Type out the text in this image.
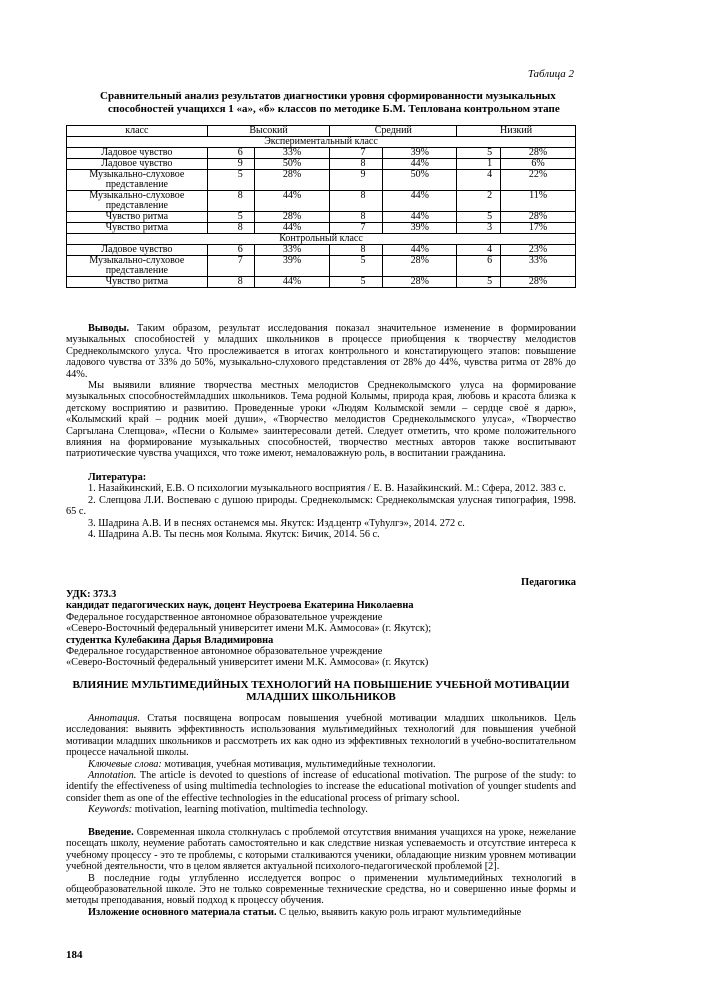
Таблица 2
Сравнительный анализ результатов диагностики уровня сформированности музыкальных способностей учащихся 1 «а», «б» классов по методике Б.М. Теплована контрольном этапе
класс	Высокий		Средний		Низкий	
Экспериментальный класс						
Ладовое чувство	6	33%	7	39%	5	28%
Ладовое чувство	9	50%	8	44%	1	6%
Музыкально-слуховое представление	5	28%	9	50%	4	22%
Музыкально-слуховое представление	8	44%	8	44%	2	11%
Чувство ритма	5	28%	8	44%	5	28%
Чувство ритма	8	44%	7	39%	3	17%
Контрольный класс						
Ладовое чувство	6	33%	8	44%	4	23%
Музыкально-слуховое представление	7	39%	5	28%	6	33%
Чувство ритма	8	44%	5	28%	5	28%

Выводы. Таким образом, результат исследования показал значительное изменение в формировании музыкальных способностей у младших школьников в процессе приобщения к творчеству мелодистов Среднеколымского улуса. Что прослеживается в итогах контрольного и констатирующего этапов: повышение ладового чувства от 33% до 50%, музыкально-слухового представления от 28% до 44%, чувства ритма от 28% до 44%.

Мы выявили влияние творчества местных мелодистов Среднеколымского улуса на формирование музыкальных способностеймладших школьников. Тема родной Колымы, природа края, любовь и красота близка к детскому восприятию и развитию. Проведенные уроки «Людям Колымской земли – сердце своё я дарю», «Колымский край – родник моей души», «Творчество мелодистов Среднеколымского улуса», «Творчество Саргылана Слепцова», «Песни о Колыме» заинтересовали детей. Следует отметить, что кроме положительного влияния на формирование музыкальных способностей, творчество местных авторов также воспитывают патриотические чувства учащихся, что тоже имеют, немаловажную роль, в воспитании гражданина.

Литература:
1. Назайкинский, Е.В. О психологии музыкального восприятия / Е. В. Назайкинский. М.: Сфера, 2012. 383 с.
2. Слепцова Л.И. Воспеваю с душою природы. Среднеколымск: Среднеколымская улусная типография, 1998. 65 с.
3. Шадрина А.В. И в песнях останемся мы. Якутск: Изд.центр «Туhулгэ», 2014. 272 с.
4. Шадрина А.В. Ты песнь моя Колыма. Якутск: Бичик, 2014. 56 с.
Педагогика
УДК: 373.3
кандидат педагогических наук, доцент Неустроева Екатерина Николаевна
Федеральное государственное автономное образовательное учреждение
«Северо-Восточный федеральный университет имени М.К. Аммосова» (г. Якутск);
студентка Кулебакина Дарья Владимировна
Федеральное государственное автономное образовательное учреждение
«Северо-Восточный федеральный университет имени М.К. Аммосова» (г. Якутск)
ВЛИЯНИЕ МУЛЬТИМЕДИЙНЫХ ТЕХНОЛОГИЙ НА ПОВЫШЕНИЕ УЧЕБНОЙ МОТИВАЦИИ МЛАДШИХ ШКОЛЬНИКОВ

Аннотация. Статья посвящена вопросам повышения учебной мотивации младших школьников. Цель исследования: выявить эффективность использования мультимедийных технологий для повышения учебной мотивации младших школьников и рассмотреть их как одно из эффективных технологий в учебно-воспитательном процессе начальной школы.

Ключевые слова: мотивация, учебная мотивация, мультимедийные технологии.

Annotation. The article is devoted to questions of increase of educational motivation. The purpose of the study: to identify the effectiveness of using multimedia technologies to increase the educational motivation of younger students and consider them as one of the effective technologies in the educational process of primary school.

Keywords: motivation, learning motivation, multimedia technology.

Введение. Современная школа столкнулась с проблемой отсутствия внимания учащихся на уроке, нежелание посещать школу, неумение работать самостоятельно и как следствие низкая успеваемость и отсутствие интереса к учебному процессу - это те проблемы, с которыми сталкиваются ученики, обладающие низким уровнем мотивации учебной деятельности, что в целом является актуальной психолого-педагогической проблемой [2].

В последние годы углубленно исследуется вопрос о применении мультимедийных технологий в общеобразовательной школе. Это не только современные технические средства, но и совершенно иные формы и методы преподавания, новый подход к процессу обучения.

Изложение основного материала статьи. С целью, выявить какую роль играют мультимедийные

184
